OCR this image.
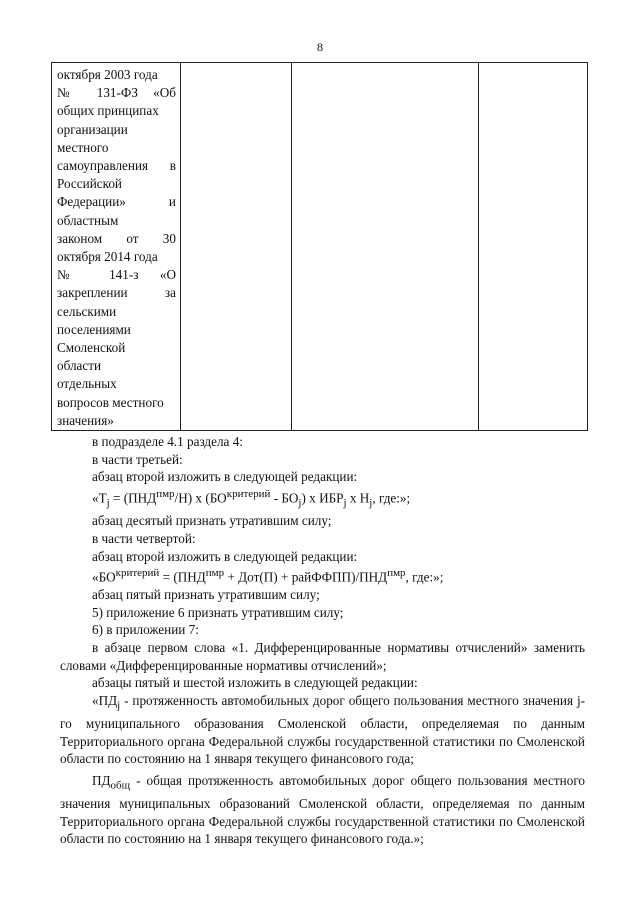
8
октября 2003 года
№ 131-ФЗ «Об
общих принципах
организации
местного
самоуправления в
Российской
Федерации» и
областным
законом от 30
октября 2014 года
№ 141-з «О
закреплении за
сельскими
поселениями
Смоленской
области
отдельных
вопросов местного
значения»

в подразделе 4.1 раздела 4:

в части третьей:

абзац второй изложить в следующей редакции:

«$T_j = (ПНД^{пмр}/Н)$ х $(БО^{критерий} - БО_j)$ х $ИБР_j$ х $Н_j$, где:»;

абзац десятый признать утратившим силу;

в части четвертой:

абзац второй изложить в следующей редакции:

«$БО^{критерий} = (ПНД^{пмр} + Дот(П)$ + $райФФПП)/ПНД^{пмр}$, где:»;

абзац пятый признать утратившим силу;

5) приложение 6 признать утратившим силу;

6) в приложении 7:

в абзаце первом слова «1. Дифференцированные нормативы отчислений» заменить словами «Дифференцированные нормативы отчислений»;

абзацы пятый и шестой изложить в следующей редакции:

«$ПД_j$ - протяженность автомобильных дорог общего пользования местного значения j-го муниципального образования Смоленской области, определяемая по данным Территориального органа Федеральной службы государственной статистики по Смоленской области по состоянию на 1 января текущего финансового года;

$ПД_{общ}$ - общая протяженность автомобильных дорог общего пользования местного значения муниципальных образований Смоленской области, определяемая по данным Территориального органа Федеральной службы государственной статистики по Смоленской области по состоянию на 1 января текущего финансового года.»;
